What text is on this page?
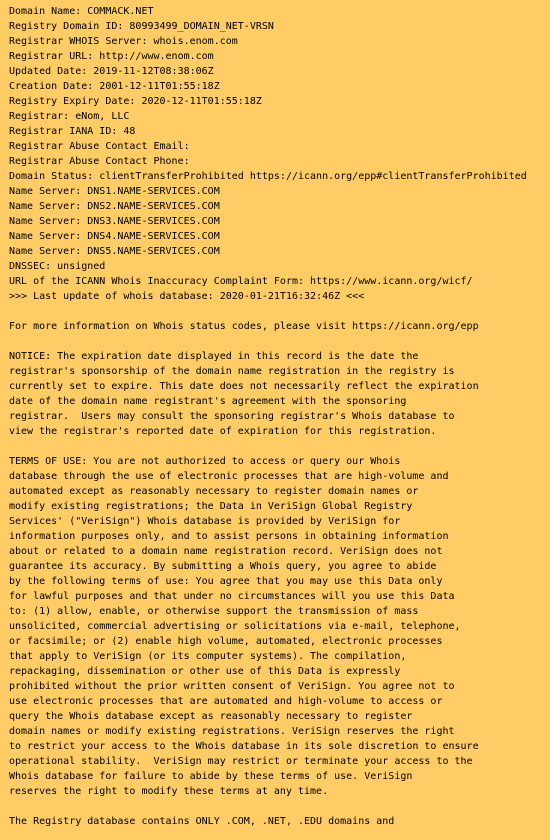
Domain Name: COMMACK.NET
Registry Domain ID: 80993499_DOMAIN_NET-VRSN
Registrar WHOIS Server: whois.enom.com
Registrar URL: http://www.enom.com
Updated Date: 2019-11-12T08:38:06Z
Creation Date: 2001-12-11T01:55:18Z
Registry Expiry Date: 2020-12-11T01:55:18Z
Registrar: eNom, LLC
Registrar IANA ID: 48
Registrar Abuse Contact Email:
Registrar Abuse Contact Phone:
Domain Status: clientTransferProhibited https://icann.org/epp#clientTransferProhibited
Name Server: DNS1.NAME-SERVICES.COM
Name Server: DNS2.NAME-SERVICES.COM
Name Server: DNS3.NAME-SERVICES.COM
Name Server: DNS4.NAME-SERVICES.COM
Name Server: DNS5.NAME-SERVICES.COM
DNSSEC: unsigned
URL of the ICANN Whois Inaccuracy Complaint Form: https://www.icann.org/wicf/
>>> Last update of whois database: 2020-01-21T16:32:46Z <<<

For more information on Whois status codes, please visit https://icann.org/epp

NOTICE: The expiration date displayed in this record is the date the
registrar's sponsorship of the domain name registration in the registry is
currently set to expire. This date does not necessarily reflect the expiration
date of the domain name registrant's agreement with the sponsoring
registrar.  Users may consult the sponsoring registrar's Whois database to
view the registrar's reported date of expiration for this registration.

TERMS OF USE: You are not authorized to access or query our Whois
database through the use of electronic processes that are high-volume and
automated except as reasonably necessary to register domain names or
modify existing registrations; the Data in VeriSign Global Registry
Services' ("VeriSign") Whois database is provided by VeriSign for
information purposes only, and to assist persons in obtaining information
about or related to a domain name registration record. VeriSign does not
guarantee its accuracy. By submitting a Whois query, you agree to abide
by the following terms of use: You agree that you may use this Data only
for lawful purposes and that under no circumstances will you use this Data
to: (1) allow, enable, or otherwise support the transmission of mass
unsolicited, commercial advertising or solicitations via e-mail, telephone,
or facsimile; or (2) enable high volume, automated, electronic processes
that apply to VeriSign (or its computer systems). The compilation,
repackaging, dissemination or other use of this Data is expressly
prohibited without the prior written consent of VeriSign. You agree not to
use electronic processes that are automated and high-volume to access or
query the Whois database except as reasonably necessary to register
domain names or modify existing registrations. VeriSign reserves the right
to restrict your access to the Whois database in its sole discretion to ensure
operational stability.  VeriSign may restrict or terminate your access to the
Whois database for failure to abide by these terms of use. VeriSign
reserves the right to modify these terms at any time.

The Registry database contains ONLY .COM, .NET, .EDU domains and
